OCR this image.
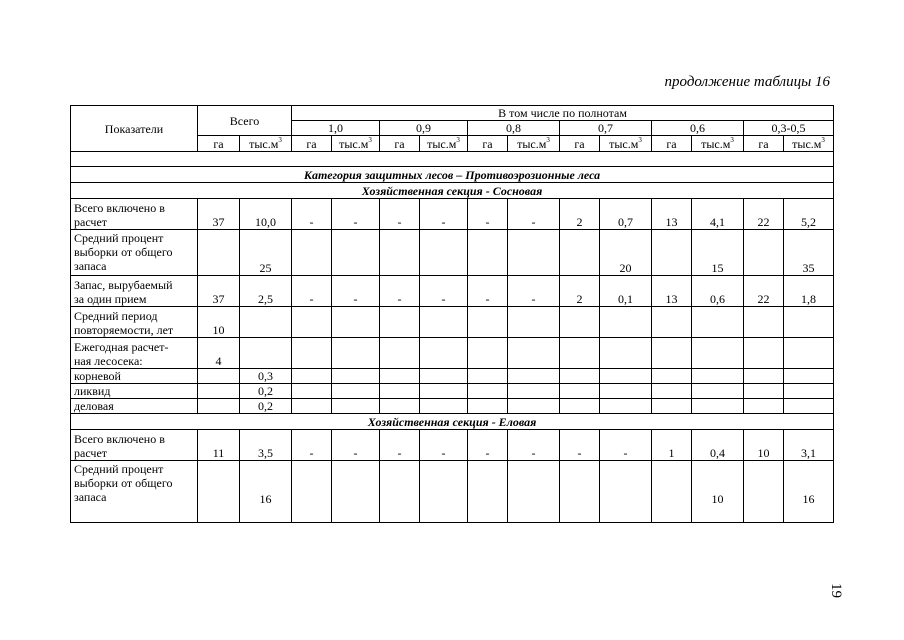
продолжение таблицы 16
Показатели	Всего		В том числе по полнотам											
			1,0		0,9		0,8		0,7		0,6		0,3-0,5	
	га	$тыс.м^3$	га	$тыс.м^3$	га	$тыс.м^3$	га	$тыс.м^3$	га	$тыс.м^3$	га	$тыс.м^3$	га	$тыс.м^3$

Категория защитных лесов – Противоэрозионные леса														
Хозяйственная секция - Сосновая														

Всего включено в
расчет	37	10,0	-	-	-	-	-	-	2	0,7	13	4,1	22	5,2

Средний процент
выборки от общего
запаса		25								20		15		35

Запас, вырубаемый
за один прием	37	2,5	-	-	-	-	-	-	2	0,1	13	0,6	22	1,8

Средний период
повторяемости, лет	10													

Ежегодная расчет-
ная лесосека:	4													

корневой		0,3												

ликвид		0,2												

деловая		0,2												
Хозяйственная секция - Еловая														

Всего включено в
расчет	11	3,5	-	-	-	-	-	-	-	-	1	0,4	10	3,1

Средний процент
выборки от общего
запаса		16										10		16
19
